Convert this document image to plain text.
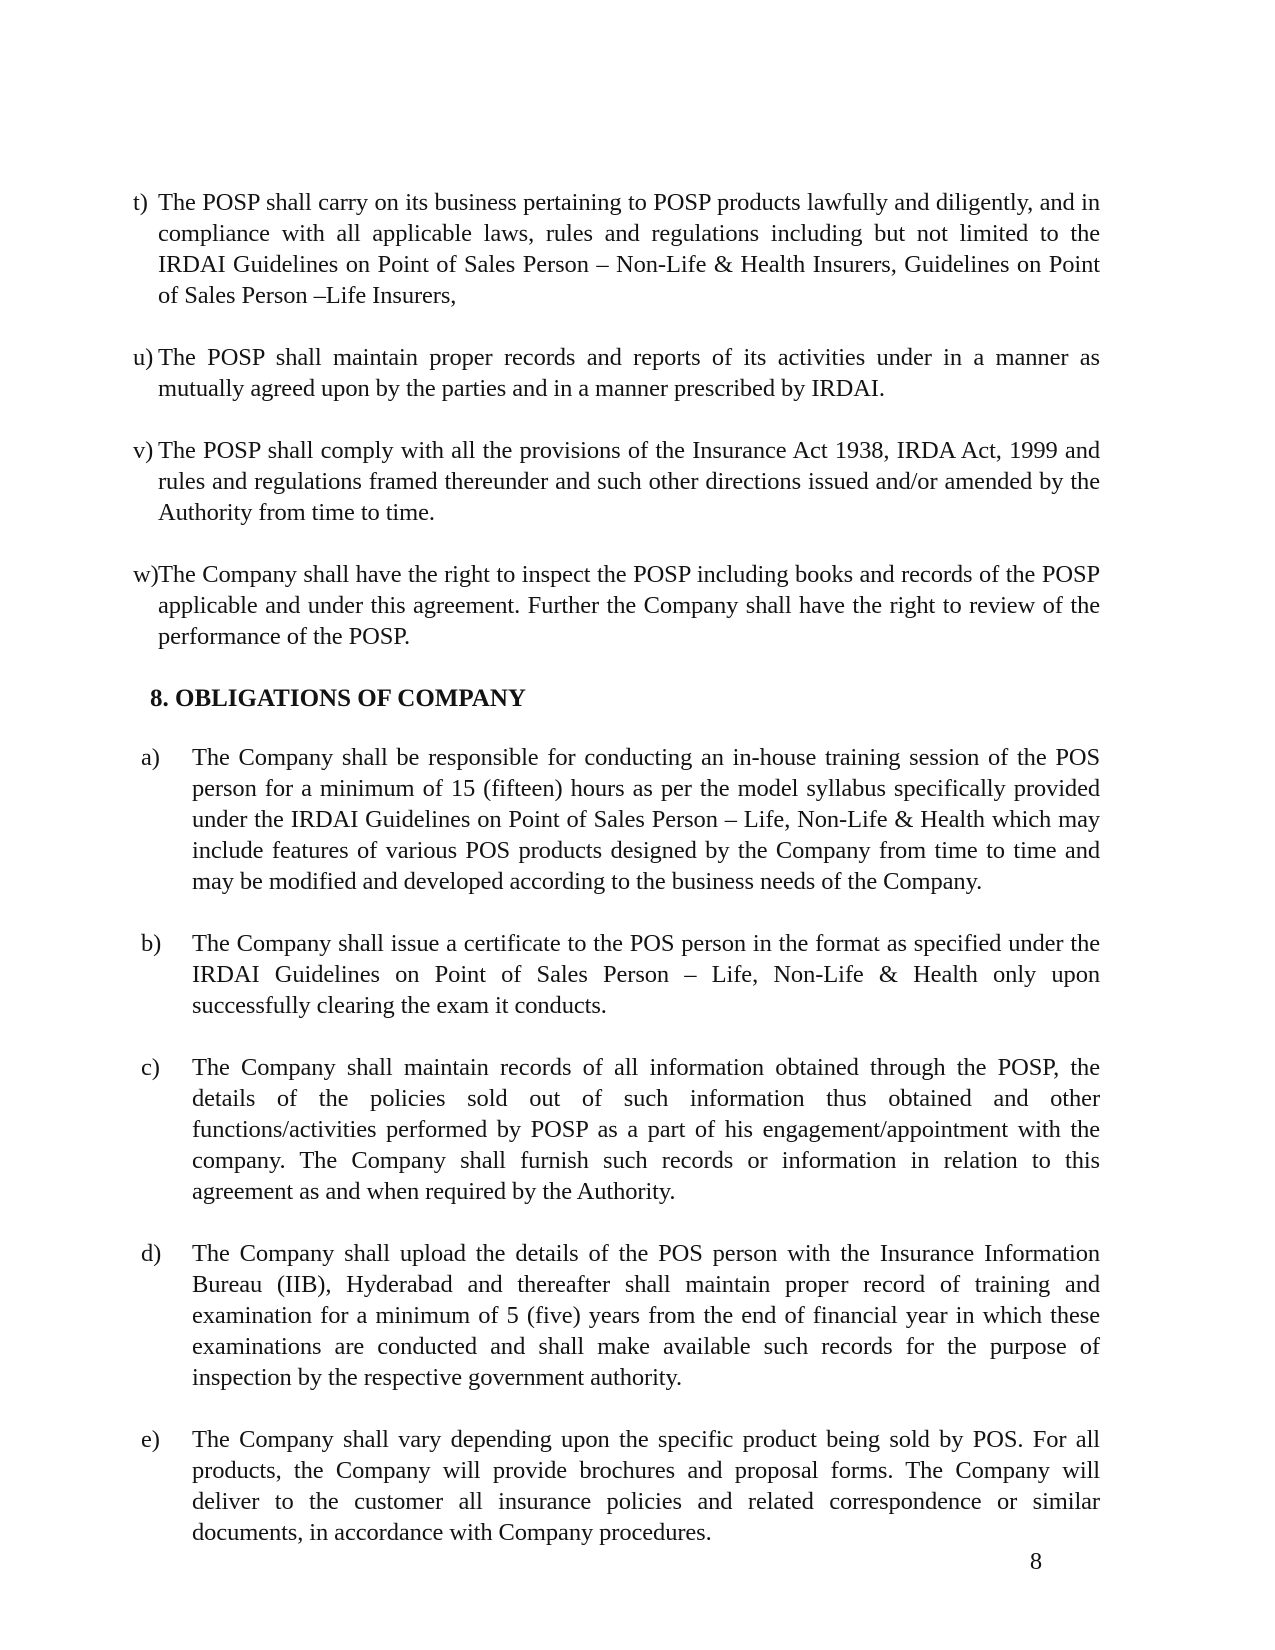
t) The POSP shall carry on its business pertaining to POSP products lawfully and diligently, and in compliance with all applicable laws, rules and regulations including but not limited to the IRDAI Guidelines on Point of Sales Person – Non-Life & Health Insurers, Guidelines on Point of Sales Person –Life Insurers,
u) The POSP shall maintain proper records and reports of its activities under in a manner as mutually agreed upon by the parties and in a manner prescribed by IRDAI.
v) The POSP shall comply with all the provisions of the Insurance Act 1938, IRDA Act, 1999 and rules and regulations framed thereunder and such other directions issued and/or amended by the Authority from time to time.
w) The Company shall have the right to inspect the POSP including books and records of the POSP applicable and under this agreement. Further the Company shall have the right to review of the performance of the POSP.
8. OBLIGATIONS OF COMPANY
a) The Company shall be responsible for conducting an in-house training session of the POS person for a minimum of 15 (fifteen) hours as per the model syllabus specifically provided under the IRDAI Guidelines on Point of Sales Person – Life, Non-Life & Health which may include features of various POS products designed by the Company from time to time and may be modified and developed according to the business needs of the Company.
b) The Company shall issue a certificate to the POS person in the format as specified under the IRDAI Guidelines on Point of Sales Person – Life, Non-Life & Health only upon successfully clearing the exam it conducts.
c) The Company shall maintain records of all information obtained through the POSP, the details of the policies sold out of such information thus obtained and other functions/activities performed by POSP as a part of his engagement/appointment with the company. The Company shall furnish such records or information in relation to this agreement as and when required by the Authority.
d) The Company shall upload the details of the POS person with the Insurance Information Bureau (IIB), Hyderabad and thereafter shall maintain proper record of training and examination for a minimum of 5 (five) years from the end of financial year in which these examinations are conducted and shall make available such records for the purpose of inspection by the respective government authority.
e) The Company shall vary depending upon the specific product being sold by POS. For all products, the Company will provide brochures and proposal forms. The Company will deliver to the customer all insurance policies and related correspondence or similar documents, in accordance with Company procedures.
8
